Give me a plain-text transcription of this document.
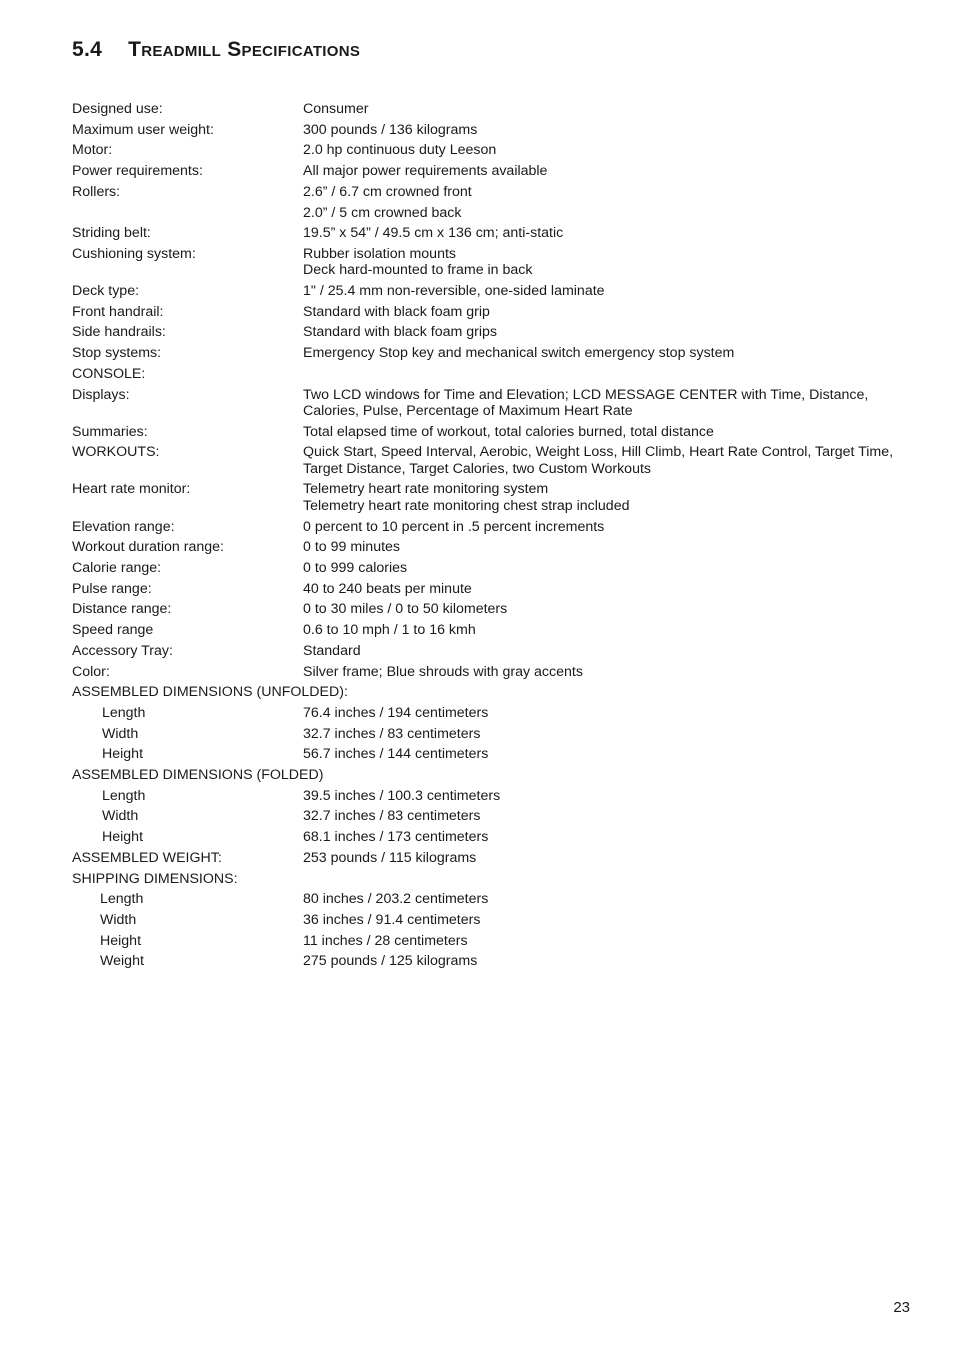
5.4 Treadmill Specifications
Designed use:	Consumer
Maximum user weight:	300 pounds / 136 kilograms
Motor:	2.0 hp continuous duty Leeson
Power requirements:	All major power requirements available
Rollers:	2.6” / 6.7 cm crowned front
2.0” / 5 cm crowned back
Striding belt:	19.5” x 54” / 49.5 cm x 136 cm; anti-static
Cushioning system:	Rubber isolation mounts
Deck hard-mounted to frame in back
Deck type:	1" / 25.4 mm non-reversible, one-sided laminate
Front handrail:	Standard with black foam grip
Side handrails:	Standard with black foam grips
Stop systems:	Emergency Stop key and mechanical switch emergency stop system
CONSOLE:
Displays:	Two LCD windows for Time and Elevation; LCD MESSAGE CENTER with Time, Distance,
Calories, Pulse, Percentage of Maximum Heart Rate
Summaries:	Total elapsed time of workout, total calories burned, total distance
WORKOUTS:	Quick Start, Speed Interval, Aerobic, Weight Loss, Hill Climb, Heart Rate Control, Target Time,
Target Distance, Target Calories, two Custom Workouts
Heart rate monitor:	Telemetry heart rate monitoring system
Telemetry heart rate monitoring chest strap included
Elevation range:	0 percent to 10 percent in .5 percent increments
Workout duration range:	0 to 99 minutes
Calorie range:	0 to 999 calories
Pulse range:	40 to 240 beats per minute
Distance range:	0 to 30 miles / 0 to 50 kilometers
Speed range	0.6 to 10 mph / 1 to 16 kmh
Accessory Tray:	Standard
Color:	Silver frame; Blue shrouds with gray accents
ASSEMBLED DIMENSIONS (UNFOLDED):
Length	76.4 inches / 194 centimeters
Width	32.7 inches / 83 centimeters
Height	56.7 inches / 144 centimeters
ASSEMBLED DIMENSIONS (FOLDED)
Length	39.5 inches / 100.3 centimeters
Width	32.7 inches / 83 centimeters
Height	68.1 inches / 173 centimeters
ASSEMBLED WEIGHT:	253 pounds / 115 kilograms
SHIPPING DIMENSIONS:
Length	80 inches / 203.2 centimeters
Width	36 inches / 91.4 centimeters
Height	11 inches / 28 centimeters
Weight	275 pounds / 125 kilograms
23
